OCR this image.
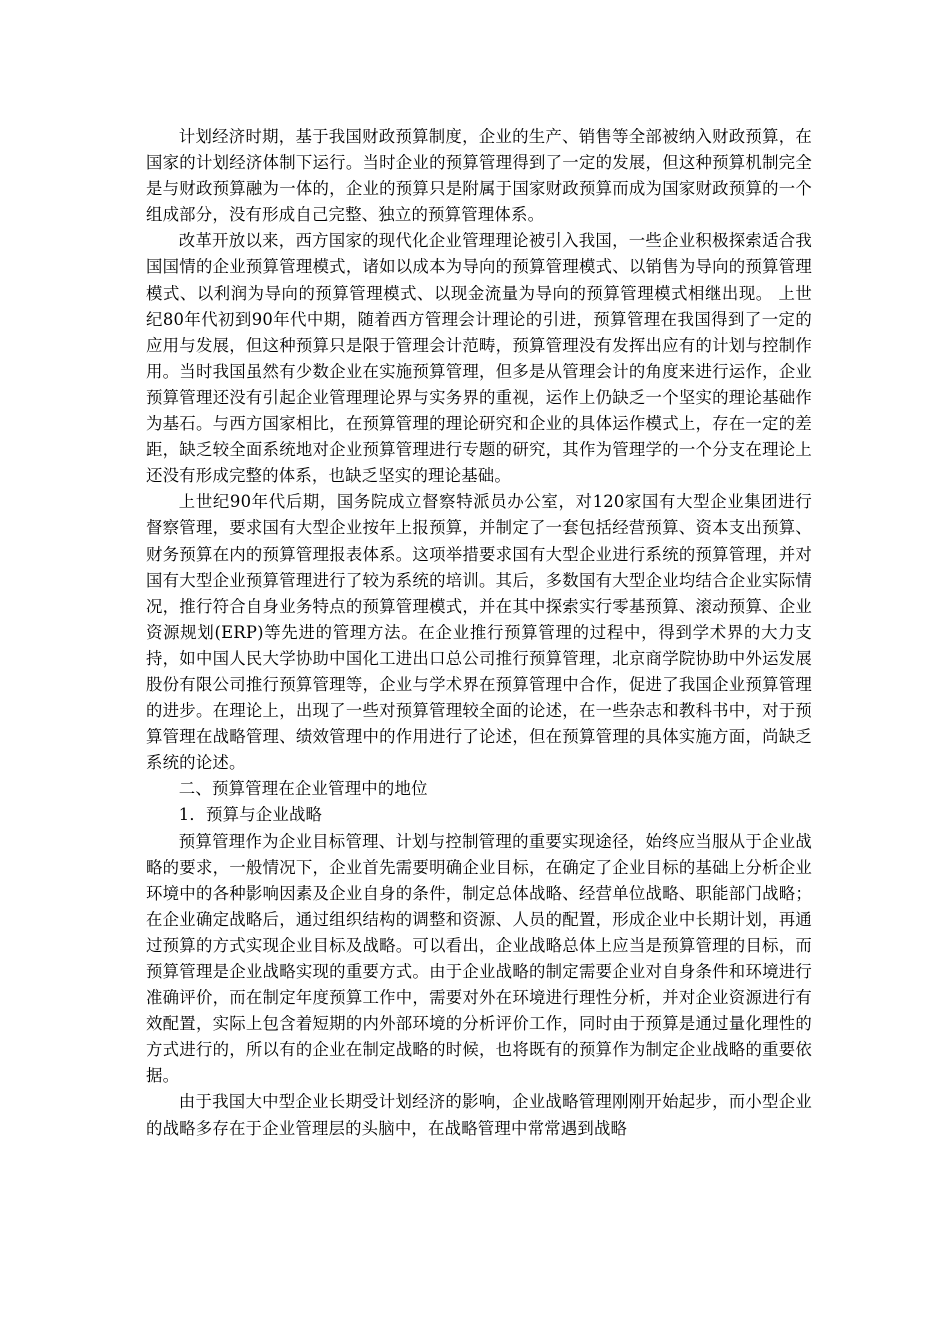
计划经济时期，基于我国财政预算制度，企业的生产、销售等全部被纳入财政预算，在国家的计划经济体制下运行。当时企业的预算管理得到了一定的发展，但这种预算机制完全是与财政预算融为一体的，企业的预算只是附属于国家财政预算而成为国家财政预算的一个组成部分，没有形成自己完整、独立的预算管理体系。

改革开放以来，西方国家的现代化企业管理理论被引入我国，一些企业积极探索适合我国国情的企业预算管理模式，诸如以成本为导向的预算管理模式、以销售为导向的预算管理模式、以利润为导向的预算管理模式、以现金流量为导向的预算管理模式相继出现。 上世纪80年代初到90年代中期，随着西方管理会计理论的引进，预算管理在我国得到了一定的应用与发展，但这种预算只是限于管理会计范畴，预算管理没有发挥出应有的计划与控制作用。当时我国虽然有少数企业在实施预算管理，但多是从管理会计的角度来进行运作，企业预算管理还没有引起企业管理理论界与实务界的重视，运作上仍缺乏一个坚实的理论基础作为基石。与西方国家相比，在预算管理的理论研究和企业的具体运作模式上，存在一定的差距，缺乏较全面系统地对企业预算管理进行专题的研究，其作为管理学的一个分支在理论上还没有形成完整的体系，也缺乏坚实的理论基础。

上世纪90年代后期，国务院成立督察特派员办公室，对120家国有大型企业集团进行督察管理，要求国有大型企业按年上报预算，并制定了一套包括经营预算、资本支出预算、财务预算在内的预算管理报表体系。这项举措要求国有大型企业进行系统的预算管理，并对国有大型企业预算管理进行了较为系统的培训。其后，多数国有大型企业均结合企业实际情况，推行符合自身业务特点的预算管理模式，并在其中探索实行零基预算、滚动预算、企业资源规划(ERP)等先进的管理方法。在企业推行预算管理的过程中，得到学术界的大力支持，如中国人民大学协助中国化工进出口总公司推行预算管理，北京商学院协助中外运发展股份有限公司推行预算管理等，企业与学术界在预算管理中合作，促进了我国企业预算管理的进步。在理论上，出现了一些对预算管理较全面的论述，在一些杂志和教科书中，对于预算管理在战略管理、绩效管理中的作用进行了论述，但在预算管理的具体实施方面，尚缺乏系统的论述。

二、预算管理在企业管理中的地位

1．预算与企业战略

预算管理作为企业目标管理、计划与控制管理的重要实现途径，始终应当服从于企业战略的要求，一般情况下，企业首先需要明确企业目标，在确定了企业目标的基础上分析企业环境中的各种影响因素及企业自身的条件，制定总体战略、经营单位战略、职能部门战略；在企业确定战略后，通过组织结构的调整和资源、人员的配置，形成企业中长期计划，再通过预算的方式实现企业目标及战略。可以看出，企业战略总体上应当是预算管理的目标，而预算管理是企业战略实现的重要方式。由于企业战略的制定需要企业对自身条件和环境进行准确评价，而在制定年度预算工作中，需要对外在环境进行理性分析，并对企业资源进行有效配置，实际上包含着短期的内外部环境的分析评价工作，同时由于预算是通过量化理性的方式进行的，所以有的企业在制定战略的时候，也将既有的预算作为制定企业战略的重要依据。

由于我国大中型企业长期受计划经济的影响，企业战略管理刚刚开始起步，而小型企业的战略多存在于企业管理层的头脑中，在战略管理中常常遇到战略
